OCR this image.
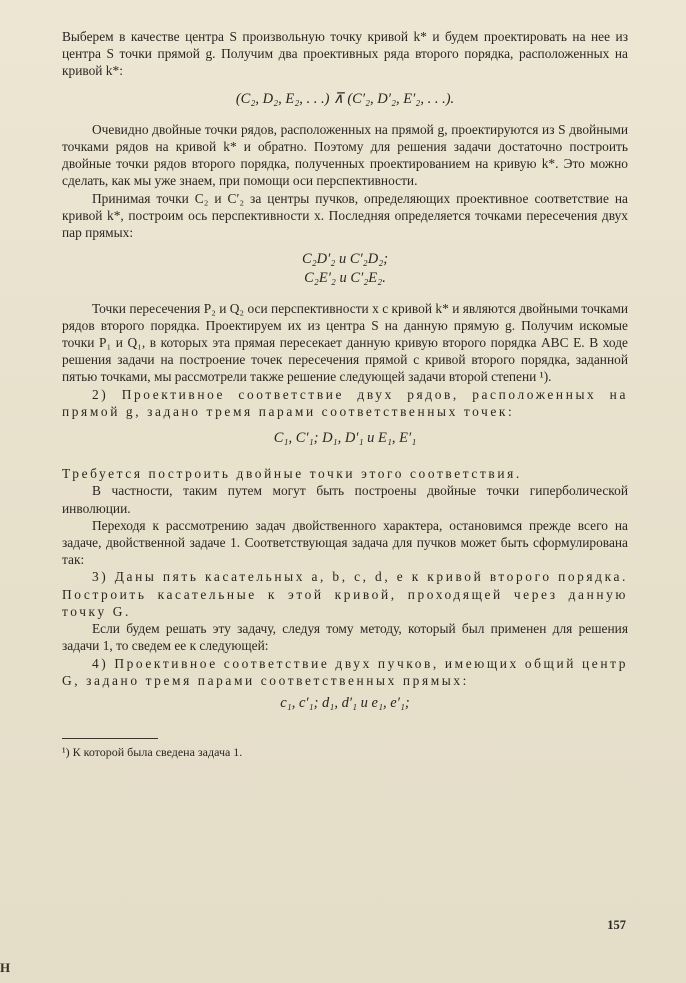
Выберем в качестве центра S произвольную точку кривой k* и будем проектировать на нее из центра S точки прямой g. Получим два проективных ряда второго порядка, расположенных на кривой k*:

(C₂, D₂, E₂, . . .) ⊼ (C′₂, D′₂, E′₂, . . .).

Очевидно двойные точки рядов, расположенных на прямой g, проектируются из S двойными точками рядов на кривой k* и обратно. Поэтому для решения задачи достаточно построить двойные точки рядов второго порядка, полученных проектированием на кривую k*. Это можно сделать, как мы уже знаем, при помощи оси перспективности.

Принимая точки C₂ и C′₂ за центры пучков, определяющих проективное соответствие на кривой k*, построим ось перспективности x. Последняя определяется точками пересечения двух пар прямых:

C₂D′₂ и C′₂D₂;

C₂E′₂ и C′₂E₂.

Точки пересечения P₂ и Q₂ оси перспективности x с кривой k* и являются двойными точками рядов второго порядка. Проектируем их из центра S на данную прямую g. Получим искомые точки P₁ и Q₁, в которых эта прямая пересекает данную кривую второго порядка ABC E. В ходе решения задачи на построение точек пересечения прямой с кривой второго порядка, заданной пятью точками, мы рассмотрели также решение следующей задачи второй степени ¹).

2) Проективное соответствие двух рядов, расположенных на прямой g, задано тремя парами соответственных точек:

C₁, C′₁; D₁, D′₁ и E₁, E′₁

Требуется построить двойные точки этого соответствия.

В частности, таким путем могут быть построены двойные точки гиперболической инволюции.

Переходя к рассмотрению задач двойственного характера, остановимся прежде всего на задаче, двойственной задаче 1. Соответствующая задача для пучков может быть сформулирована так:

3) Даны пять касательных a, b, c, d, e к кривой второго порядка. Построить касательные к этой кривой, проходящей через данную точку G.

Если будем решать эту задачу, следуя тому методу, который был применен для решения задачи 1, то сведем ее к следующей:

4) Проективное соответствие двух пучков, имеющих общий центр G, задано тремя парами соответственных прямых:

c₁, c′₁; d₁, d′₁ и e₁, e′₁;

¹) К которой была сведена задача 1.

157
Н
